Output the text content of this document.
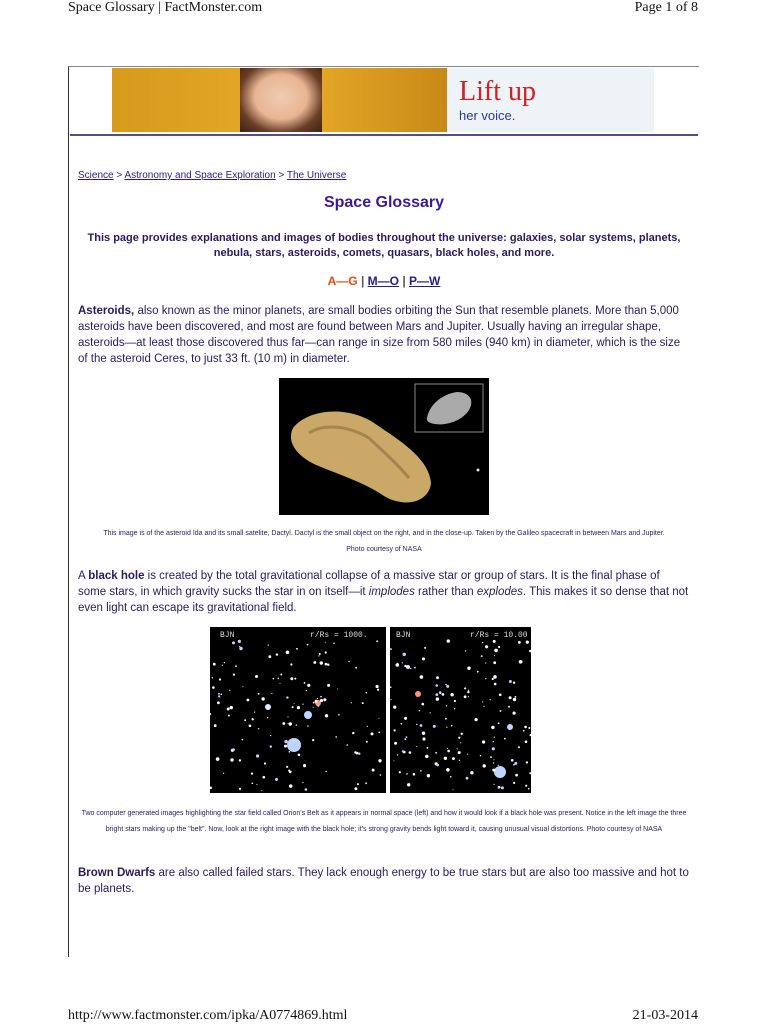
Space Glossary | FactMonster.com	Page 1 of 8
Lift up
her voice.
Science > Astronomy and Space Exploration > The Universe
Space Glossary
This page provides explanations and images of bodies throughout the universe: galaxies, solar systems, planets, nebula, stars, asteroids, comets, quasars, black holes, and more.
A—G | M—O | P—W
Asteroids, also known as the minor planets, are small bodies orbiting the Sun that resemble planets. More than 5,000 asteroids have been discovered, and most are found between Mars and Jupiter. Usually having an irregular shape, asteroids—at least those discovered thus far—can range in size from 580 miles (940 km) in diameter, which is the size of the asteroid Ceres, to just 33 ft. (10 m) in diameter.
This image is of the asteroid Ida and its small satelite, Dactyl. Dactyl is the small object on the right, and in the close-up. Taken by the Galileo spacecraft in between Mars and Jupiter.
Photo courtesy of NASA
A black hole is created by the total gravitational collapse of a massive star or group of stars. It is the final phase of some stars, in which gravity sucks the star in on itself—it implodes rather than explodes. This makes it so dense that not even light can escape its gravitational field.
BJN	r/Rs = 1000.	BJN	r/Rs = 10.00
Two computer generated images highlighting the star field called Orion's Belt as it appears in normal space (left) and how it would look if a black hole was present. Notice in the left image the three bright stars making up the "belt". Now, look at the right image with the black hole; it's strong gravity bends light toward it, causing unusual visual distortions. Photo courtesy of NASA
Brown Dwarfs are also called failed stars. They lack enough energy to be true stars but are also too massive and hot to be planets.
http://www.factmonster.com/ipka/A0774869.html	21-03-2014
